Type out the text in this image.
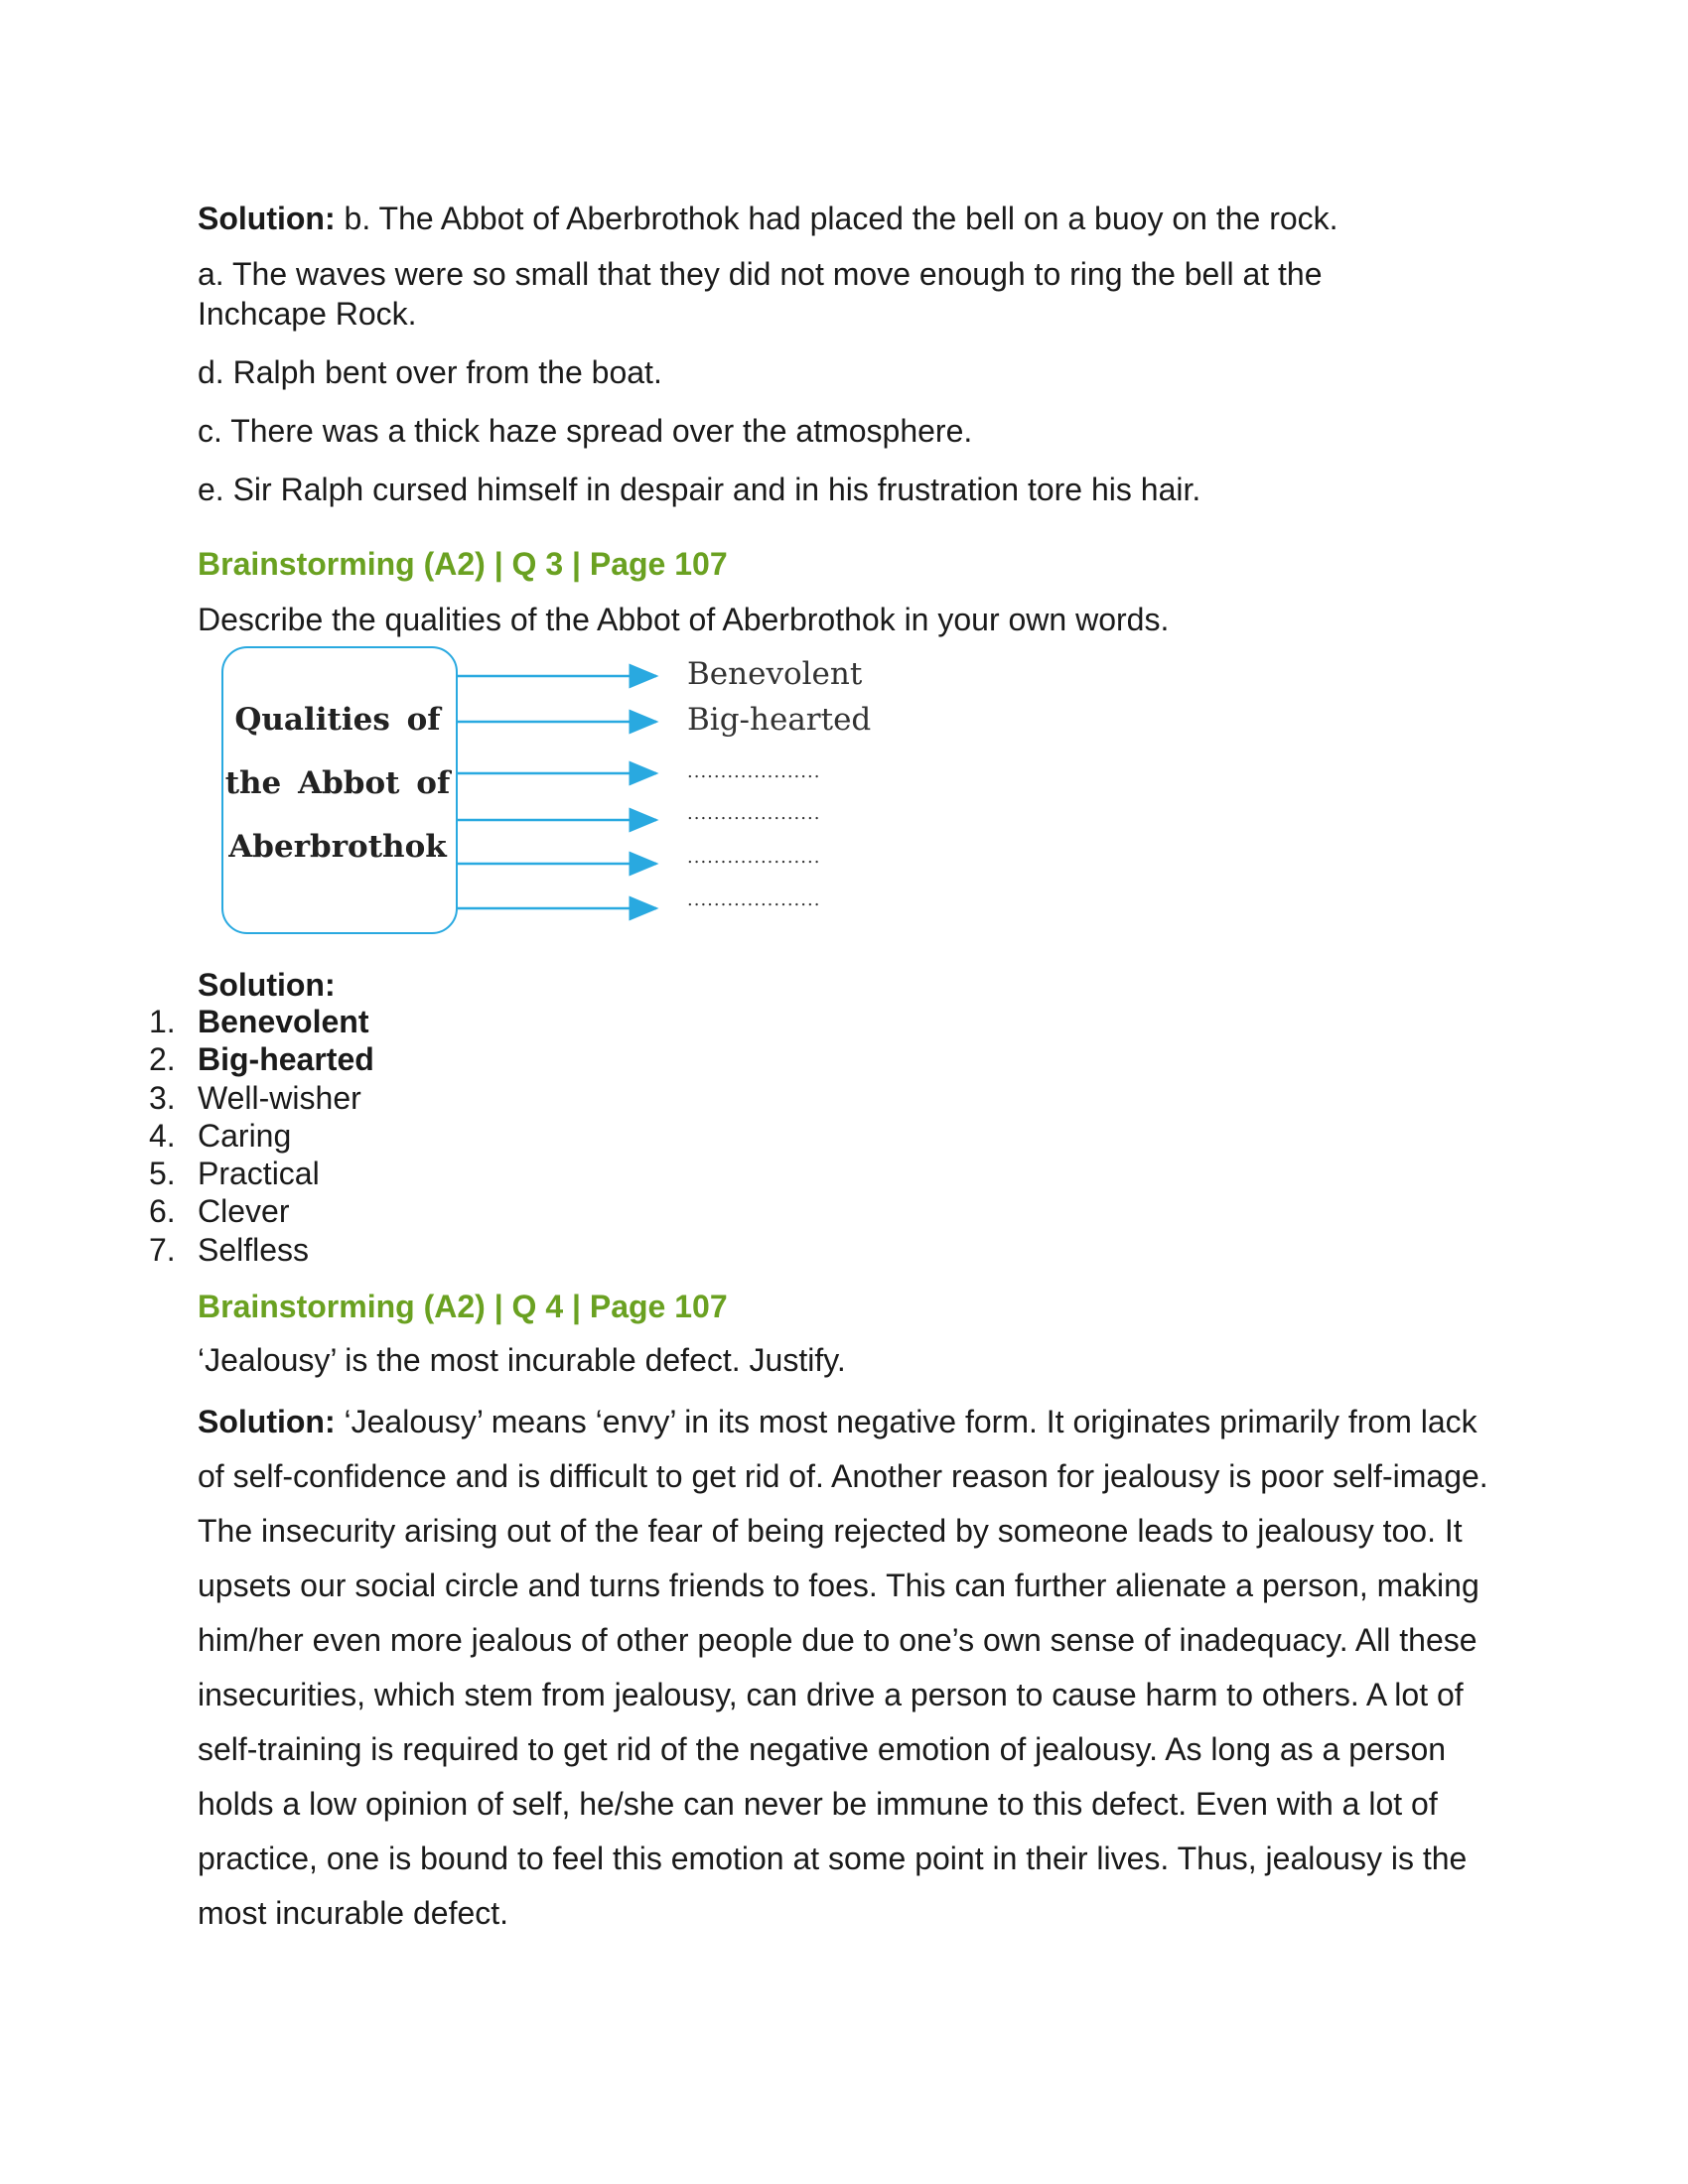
Solution: b. The Abbot of Aberbrothok had placed the bell on a buoy on the rock.

a. The waves were so small that they did not move enough to ring the bell at the Inchcape Rock.

d. Ralph bent over from the boat.

c. There was a thick haze spread over the atmosphere.

e. Sir Ralph cursed himself in despair and in his frustration tore his hair.

Brainstorming (A2) | Q 3 | Page 107

Describe the qualities of the Abbot of Aberbrothok in your own words.

Qualities of
the Abbot of
Aberbrothok
Benevolent
Big-hearted
....................
....................
....................
....................

Solution:

1. Benevolent
2. Big-hearted
3. Well-wisher
4. Caring
5. Practical
6. Clever
7. Selfless

Brainstorming (A2) | Q 4 | Page 107

‘Jealousy’ is the most incurable defect. Justify.

Solution: ‘Jealousy’ means ‘envy’ in its most negative form. It originates primarily from lack of self-confidence and is difficult to get rid of. Another reason for jealousy is poor self-image. The insecurity arising out of the fear of being rejected by someone leads to jealousy too. It upsets our social circle and turns friends to foes. This can further alienate a person, making him/her even more jealous of other people due to one’s own sense of inadequacy. All these insecurities, which stem from jealousy, can drive a person to cause harm to others. A lot of self-training is required to get rid of the negative emotion of jealousy. As long as a person holds a low opinion of self, he/she can never be immune to this defect. Even with a lot of practice, one is bound to feel this emotion at some point in their lives. Thus, jealousy is the most incurable defect.
